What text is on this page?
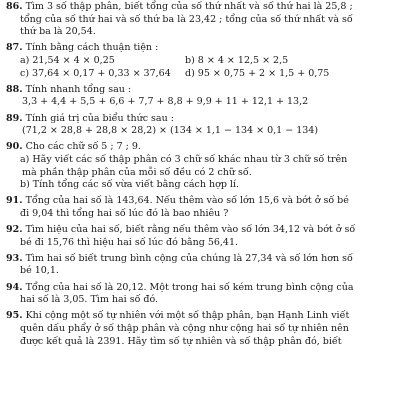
86. Tìm 3 số thập phân, biết tổng của số thứ nhất và số thứ hai là 25,8 ;
tổng của số thứ hai và số thứ ba là 23,42 ; tổng của số thứ nhất và số
thứ ba là 20,54.
87. Tính bằng cách thuận tiện :
a) 21,54 × 4 × 0,25	b) 8 × 4 × 12,5 × 2,5
c) 37,64 × 0,17 + 0,33 × 37,64	d) 95 × 0,75 + 2 × 1,5 + 0,75
88. Tính nhanh tổng sau :
3,3 + 4,4 + 5,5 + 6,6 + 7,7 + 8,8 + 9,9 + 11 + 12,1 + 13,2
89. Tính giá trị của biểu thức sau :
(71,2 × 28,8 + 28,8 × 28,2) × (134 × 1,1 − 134 × 0,1 − 134)
90. Cho các chữ số 5 ; 7 ; 9.
a) Hãy viết các số thập phân có 3 chữ số khác nhau từ 3 chữ số trên
mà phần thập phân của mỗi số đều có 2 chữ số.
b) Tính tổng các số vừa viết bằng cách hợp lí.
91. Tổng của hai số là 143,64. Nếu thêm vào số lớn 15,6 và bớt ở số bé
đi 9,04 thì tổng hai số lúc đó là bao nhiêu ?
92. Tìm hiệu của hai số, biết rằng nếu thêm vào số lớn 34,12 và bớt ở số
bé đi 15,76 thì hiệu hai số lúc đó bằng 56,41.
93. Tìm hai số biết trung bình cộng của chúng là 27,34 và số lớn hơn số
bé 10,1.
94. Tổng của hai số là 20,12. Một trong hai số kém trung bình cộng của
hai số là 3,05. Tìm hai số đó.
95. Khi cộng một số tự nhiên với một số thập phân, bạn Hạnh Linh viết
quên dấu phẩy ở số thập phân và cộng như cộng hai số tự nhiên nên
được kết quả là 2391. Hãy tìm số tự nhiên và số thập phân đó, biết
